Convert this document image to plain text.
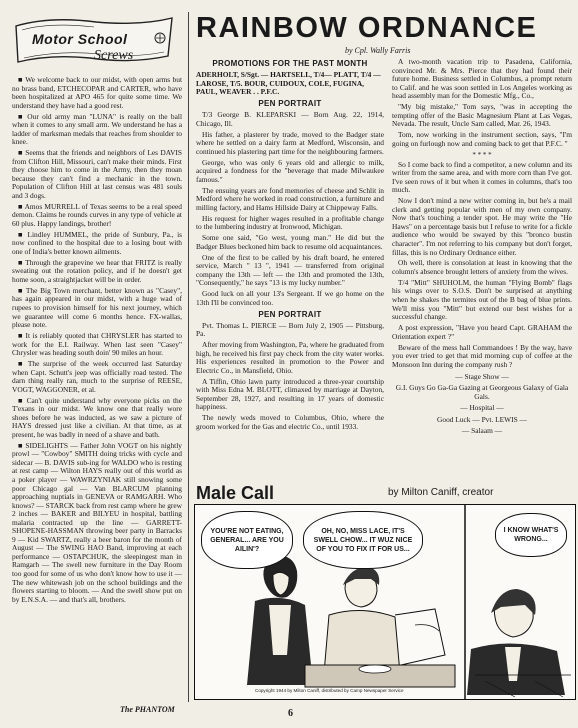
Motor School
Screws

■ We welcome back to our midst, with open arms but no brass band, ETCHECOPAR and CARTER, who have been hospitalized at APO 465 for quite some time. We understand they have had a good rest.

■ Our old army man "LUNA" is really on the ball when it comes to any small arm. We understand he has a ladder of marksman medals that reaches from shoulder to knee.

■ Seems that the friends and neighbors of Les DAVIS from Clifton Hill, Missouri, can't make their minds. First they choose him to come in the Army, then they moan because they can't find a mechanic in the town. Population of Clifton Hill at last census was 481 souls and 3 dogs.

■ Amos MURRELL of Texas seems to be a real speed demon. Claims he rounds curves in any type of vehicle at 60 plus. Happy landings, brother!

■ Lindley HUMMEL, the pride of Sunbury, Pa., is now confined to the hospital due to a losing bout with one of India's better known ailments.

■ Through the grapevine we hear that FRITZ is really sweating out the rotation policy, and if he doesn't get home soon, a straightjacket will be in order.

■ The Big Town merchant, better known as "Casey", has again appeared in our midst, with a huge wad of rupees to provision himself for his next journey, which we guarantee will come 6 months hence. FX-wallas, please note.

■ It is reliably quoted that CHRYSLER has started to work for the E.I. Railway. When last seen "Casey" Chrysler was heading south doin' 90 miles an hour.

■ The surprise of the week occurred last Saturday when Capt. Schutt's jeep was officially road tested. The darn thing really ran, much to the surprise of REESE, VOGT, WAGGONER, et al.

■ Can't quite understand why everyone picks on the T'exans in our midst. We know one that really wore shoes before he was inducted, as we saw a picture of HAYS dressed just like a civilian. At that time, as at present, he was badly in need of a shave and bath.

■ SIDELIGHTS — Father John VOGT on his nightly prowl — "Cowboy" SMITH doing tricks with cycle and sidecar — B. DAVIS sub-ing for WALDO who is resting at rest camp — Wilton HAYS really out of this world as a poker player — WAWRZYNIAK still snowing some poor Chicago gal — Van BLARCUM planning approaching nuptials in GENEVA or RAMGARH. Who knows? — STARCK back from rest camp where he grew 2 inches — BAKER and BILYEU in hospital, battling malaria contracted up the line — GARRETT-SHOPENE-HASSMAN throwing beer party in Barracks 9 — Kid SWARTZ, really a beer baron for the month of August — The SWING HAO Band, improving at each performance — OSTAPCHUK, the sleepingest man in Ramgarh — The swell new furniture in the Day Room too good for some of us who don't know how to use it — The new whitewash job on the school buildings and the flowers starting to bloom. — And the swell show put on by E.N.S.A. — and that's all, brothers.

The PHANTOM	6
RAINBOW ORDNANCE
by Cpl. Wally Farris
PROMOTIONS FOR THE PAST MONTH

ADERHOLT, S/Sgt. — HARTSELL, T/4— PLATT, T/4 — LAROSE, T/5. BOUR, CUIDOUX, COLE, FUGINA, PAUL, WEAVER . . P.F.C.

PEN PORTRAIT

T/3 George B. KLEPARSKI — Born Aug. 22, 1914, Chicago, Ill.

His father, a plasterer by trade, moved to the Badger state where he settled on a dairy farm at Medford, Wisconsin, and continued his plastering part time for the neighbouring farmers.

George, who was only 6 years old and allergic to milk, acquired a fondness for the "beverage that made Milwaukee famous."

The ensuing years are fond memories of cheese and Schlit in Medford where he worked in road construction, a furniture and milling factory, and Hams Hillside Dairy at Chippeway Falls.

His request for higher wages resulted in a profitable change to the lumbering industry at Ironwood, Michigan.

Some one said, "Go west, young man." He did but the Badger Blues beckoned him back to resume old acquaintances.

One of the first to be called by his draft board, he entered service, March " 13 ", 1941 — transferred from original company the 13th — left — the 13th and promoted the 13th, "Consequently," he says "13 is my lucky number."

Good luck on all your 13's Sergeant. If we go home on the 13th I'll be convinced too.

PEN PORTRAIT

Pvt. Thomas L. PIERCE — Born July 2, 1905 — Pittsburg, Pa.

After moving from Washington, Pa, where he graduated from high, he received his first pay check from the city water works. His experiences resulted in promotion to the Power and Electric Co., in Mansfield, Ohio.

A Tiffin, Ohio lawn party introduced a three-year courtship with Miss Edna M. BLOTT, climaxed by marriage at Dayton, September 28, 1927, and resulting in 17 years of domestic happiness.

The newly weds moved to Columbus, Ohio, where the groom worked for the Gas and electric Co., until 1933.

A two-month vacation trip to Pasadena, California, convinced Mr. & Mrs. Pierce that they had found their future home. Business settled in Columbus, a prompt return to Calif. and he was soon settled in Los Angeles working as head assembly man for the Domestic Mfg., Co.,

"My big mistake," Tom says, "was in accepting the tempting offer of the Basic Magnesium Plant at Las Vegas, Nevada. The result, Uncle Sam called, Mar. 26, 1943.

Tom, now working in the instrument section, says, "I'm going on furlough now and coming back to get that P.F.C. "

* * * *

So I come back to find a competitor, a new column and its writer from the same area, and with more corn than I've got. I've seen rows of it but when it comes in columns, that's too much.

Now I don't mind a new writer coming in, but he's a mail clerk and getting popular with men of my own company. Now that's touching a tender spot. He may write the "He Haws" on a percentage basis but I refuse to write for a fickle audience who would be swayed by this "bronco bustin character". I'm not referring to his company but don't forget, fillas, this is no Ordinary Ordnance either.

Oh well, there is consolation at least in knowing that the column's absence brought letters of anxiety from the wives.

T/4 "Mitt" SHUHOLM, the human "Flying Bomb" flags his wings over to S.O.S. Don't be surprised at anything when he shakes the termites out of the B bag of blue prints. We'll miss you "Mitt" but extend our best wishes for a successful change.

A post expression, "Have you heard Capt. GRAHAM the Orientation expert ?"

Beware of the mess hall Commandoes ! By the way, have you ever tried to get that mid morning cup of coffee at the Monsoon Inn during the company rush ?

— Stage Show —

G.I. Guys Go Ga-Ga Gazing at Georgeous Galaxy of Gala Gals.

— Hospital —

Good Luck — Pvt. LEWIS —

— Salaam —

Male Call	by Milton Caniff, creator
YOU'RE NOT EATING, GENERAL... ARE YOU AILIN'?
OH, NO, MISS LACE, IT'S SWELL CHOW... IT WUZ NICE OF YOU TO FIX IT FOR US...
I KNOW WHAT'S WRONG...
Copyright 1944 by Milton Caniff, distributed by Camp Newspaper Service
